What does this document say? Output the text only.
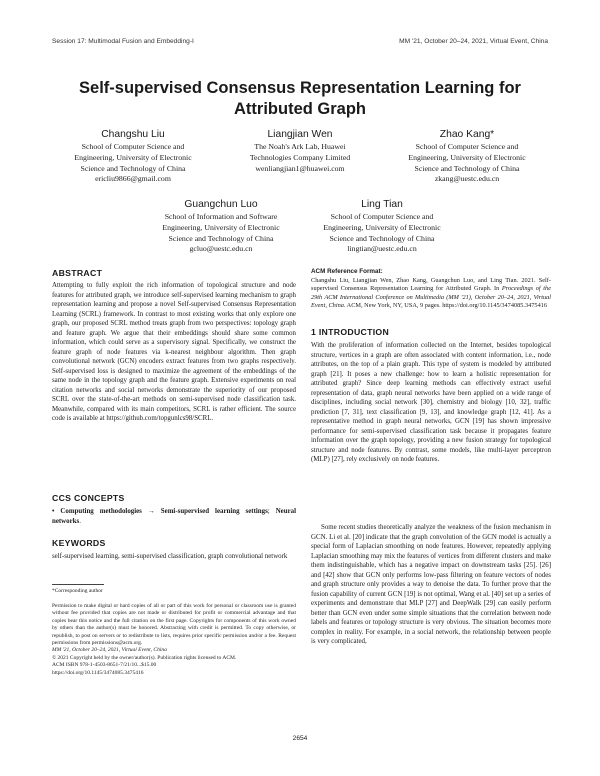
Session 17: Multimodal Fusion and Embedding-I	MM '21, October 20–24, 2021, Virtual Event, China
Self-supervised Consensus Representation Learning for
Attributed Graph
Changshu Liu
School of Computer Science and
Engineering, University of Electronic
Science and Technology of China
ericliu9866@gmail.com
Liangjian Wen
The Noah's Ark Lab, Huawei
Technologies Company Limited
wenliangjian1@huawei.com
Zhao Kang*
School of Computer Science and
Engineering, University of Electronic
Science and Technology of China
zkang@uestc.edu.cn
Guangchun Luo
School of Information and Software
Engineering, University of Electronic
Science and Technology of China
gcluo@uestc.edu.cn
Ling Tian
School of Computer Science and
Engineering, University of Electronic
Science and Technology of China
lingtian@uestc.edu.cn
ABSTRACT
Attempting to fully exploit the rich information of topological structure and node features for attributed graph, we introduce self-supervised learning mechanism to graph representation learning and propose a novel Self-supervised Consensus Representation Learning (SCRL) framework. In contrast to most existing works that only explore one graph, our proposed SCRL method treats graph from two perspectives: topology graph and feature graph. We argue that their embeddings should share some common information, which could serve as a supervisory signal. Specifically, we construct the feature graph of node features via k-nearest neighbour algorithm. Then graph convolutional network (GCN) encoders extract features from two graphs respectively. Self-supervised loss is designed to maximize the agreement of the embeddings of the same node in the topology graph and the feature graph. Extensive experiments on real citation networks and social networks demonstrate the superiority of our proposed SCRL over the state-of-the-art methods on semi-supervised node classification task. Meanwhile, compared with its main competitors, SCRL is rather efficient. The source code is available at https://github.com/topgunlcs98/SCRL.
CCS CONCEPTS
• Computing methodologies → Semi-supervised learning settings; Neural networks.
KEYWORDS
self-supervised learning, semi-supervised classification, graph convolutional network
*Corresponding author
Permission to make digital or hard copies of all or part of this work for personal or classroom use is granted without fee provided that copies are not made or distributed for profit or commercial advantage and that copies bear this notice and the full citation on the first page. Copyrights for components of this work owned by others than the author(s) must be honored. Abstracting with credit is permitted. To copy otherwise, or republish, to post on servers or to redistribute to lists, requires prior specific permission and/or a fee. Request permissions from permissions@acm.org.
MM '21, October 20–24, 2021, Virtual Event, China
© 2021 Copyright held by the owner/author(s). Publication rights licensed to ACM.
ACM ISBN 978-1-4503-8651-7/21/10...$15.00
https://doi.org/10.1145/3474085.3475416
ACM Reference Format:
Changshu Liu, Liangjian Wen, Zhao Kang, Guangchun Luo, and Ling Tian. 2021. Self-supervised Consensus Representation Learning for Attributed Graph. In Proceedings of the 29th ACM International Conference on Multimedia (MM '21), October 20–24, 2021, Virtual Event, China. ACM, New York, NY, USA, 9 pages. https://doi.org/10.1145/3474085.3475416
1 INTRODUCTION
With the proliferation of information collected on the Internet, besides topological structure, vertices in a graph are often associated with content information, i.e., node attributes, on the top of a plain graph. This type of system is modeled by attributed graph [21]. It poses a new challenge: how to learn a holistic representation for attributed graph? Since deep learning methods can effectively extract useful representation of data, graph neural networks have been applied on a wide range of disciplines, including social network [30], chemistry and biology [10, 32], traffic prediction [7, 31], text classification [9, 13], and knowledge graph [12, 41]. As a representative method in graph neural networks, GCN [19] has shown impressive performance for semi-supervised classification task because it propagates feature information over the graph topology, providing a new fusion strategy for topological structure and node features. By contrast, some models, like multi-layer perceptron (MLP) [27], rely exclusively on node features.
Some recent studies theoretically analyze the weakness of the fusion mechanism in GCN. Li et al. [20] indicate that the graph convolution of the GCN model is actually a special form of Laplacian smoothing on node features. However, repeatedly applying Laplacian smoothing may mix the features of vertices from different clusters and make them indistinguishable, which has a negative impact on downstream tasks [25]. [26] and [42] show that GCN only performs low-pass filtering on feature vectors of nodes and graph structure only provides a way to denoise the data. To further prove that the fusion capability of current GCN [19] is not optimal, Wang et al. [40] set up a series of experiments and demonstrate that MLP [27] and DeepWalk [29] can easily perform better than GCN even under some simple situations that the correlation between node labels and features or topology structure is very obvious. The situation becomes more complex in reality. For example, in a social network, the relationship between people is very complicated,
2654
